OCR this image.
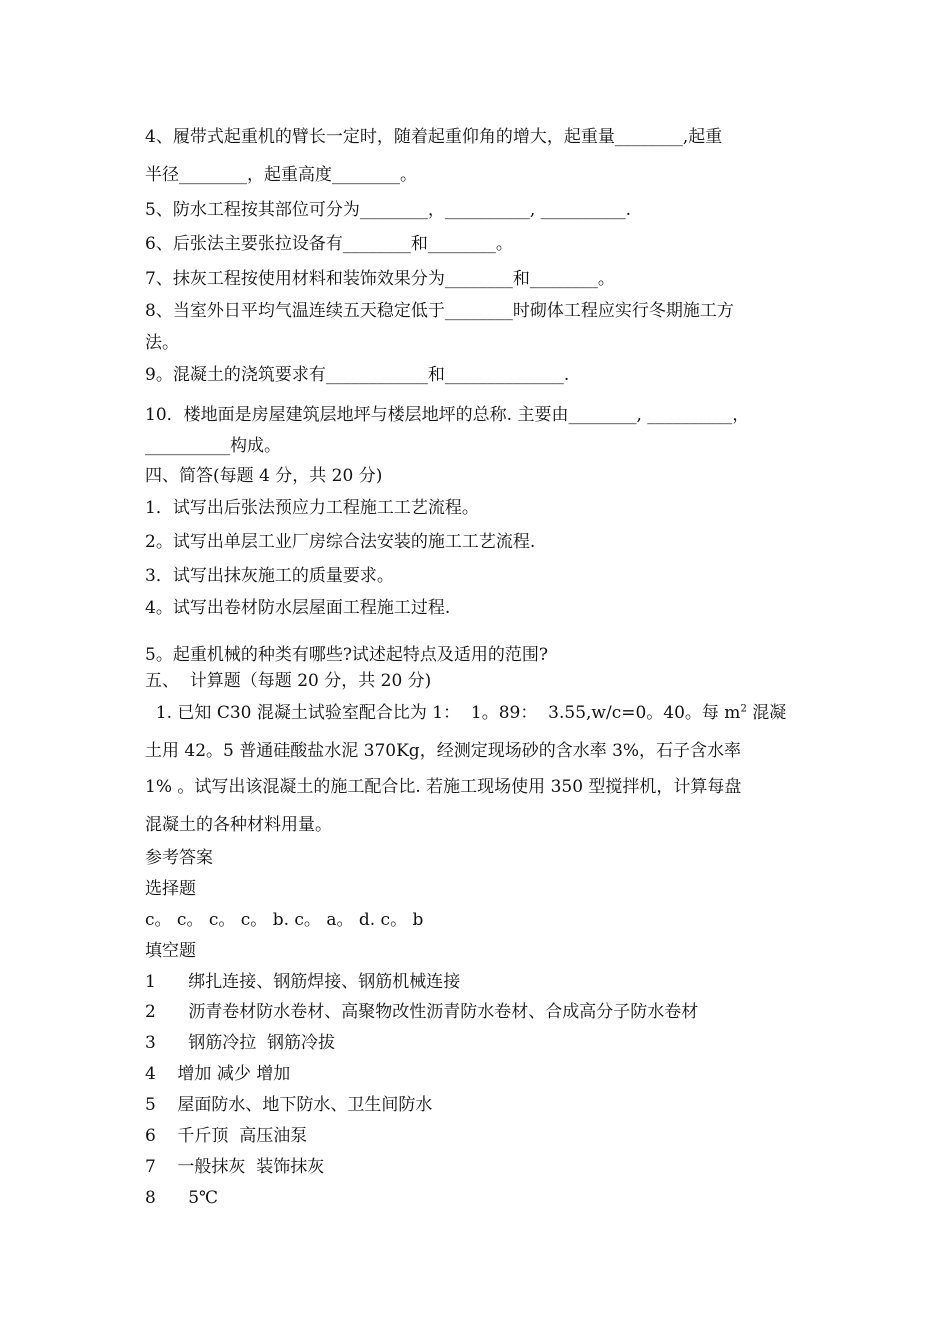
4、履带式起重机的臂长一定时，随着起重仰角的增大，起重量________,起重
半径________，起重高度________。
5、防水工程按其部位可分为________，__________, __________.
6、后张法主要张拉设备有________和________。
7、抹灰工程按使用材料和装饰效果分为________和________。
8、当室外日平均气温连续五天稳定低于________时砌体工程应实行冬期施工方
法。
9。混凝土的浇筑要求有____________和______________.
10．楼地面是房屋建筑层地坪与楼层地坪的总称. 主要由________, __________，
__________构成。
四、简答(每题 4 分，共 20 分)
1．试写出后张法预应力工程施工工艺流程。
2。试写出单层工业厂房综合法安装的施工工艺流程.
3．试写出抹灰施工的质量要求。
4。试写出卷材防水层屋面工程施工过程.
5。起重机械的种类有哪些?试述起特点及适用的范围?
五、  计算题（每题 20 分，共 20 分)
1. 已知 C30 混凝土试验室配合比为 1：  1。89：  3.55,w/c=0。40。每 $m^2$ 混凝
土用 42。5 普通硅酸盐水泥 370Kg，经测定现场砂的含水率 3%，石子含水率
1% 。试写出该混凝土的施工配合比. 若施工现场使用 350 型搅拌机，计算每盘
混凝土的各种材料用量。
参考答案
选择题
c。 c。 c。 c。 b. c。 a。 d. c。 b
填空题
1      绑扎连接、钢筋焊接、钢筋机械连接
2      沥青卷材防水卷材、高聚物改性沥青防水卷材、合成高分子防水卷材
3      钢筋冷拉  钢筋冷拔
4    增加 减少 增加
5    屋面防水、地下防水、卫生间防水
6    千斤顶  高压油泵
7    一般抹灰  装饰抹灰
8      5℃
